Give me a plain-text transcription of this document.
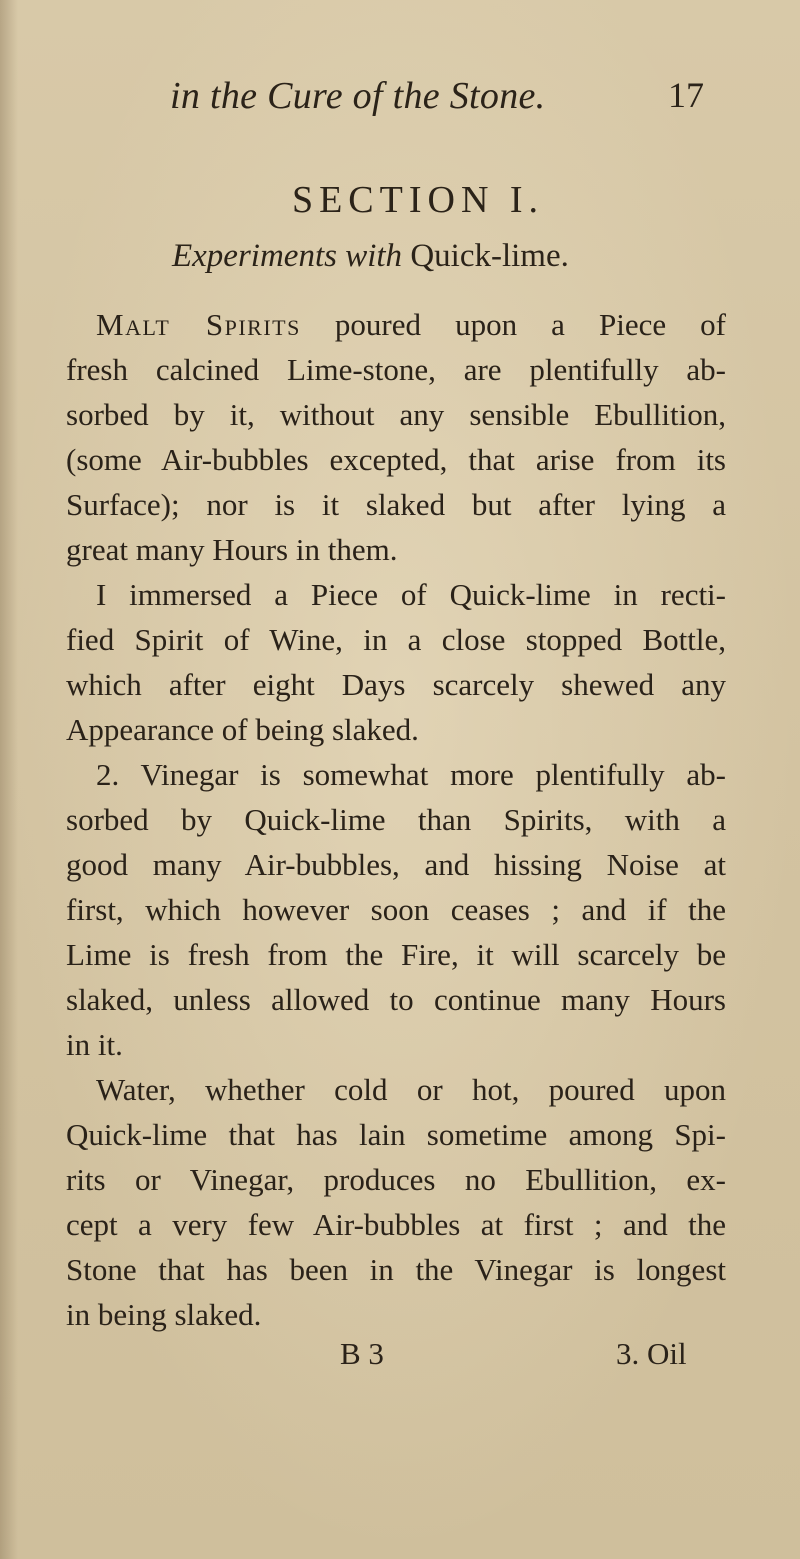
in the Cure of the Stone.	17
SECTION I.
Experiments with Quick-lime.
Malt Spirits poured upon a Piece of
fresh calcined Lime-stone, are plentifully ab-
sorbed by it, without any sensible Ebullition,
(some Air-bubbles excepted, that arise from its
Surface); nor is it slaked but after lying a
great many Hours in them.
I immersed a Piece of Quick-lime in recti-
fied Spirit of Wine, in a close stopped Bottle,
which after eight Days scarcely shewed any
Appearance of being slaked.
2. Vinegar is somewhat more plentifully ab-
sorbed by Quick-lime than Spirits, with a
good many Air-bubbles, and hissing Noise at
first, which however soon ceases ; and if the
Lime is fresh from the Fire, it will scarcely be
slaked, unless allowed to continue many Hours
in it.
Water, whether cold or hot, poured upon
Quick-lime that has lain sometime among Spi-
rits or Vinegar, produces no Ebullition, ex-
cept a very few Air-bubbles at first ; and the
Stone that has been in the Vinegar is longest
in being slaked.
B 3	3. Oil
